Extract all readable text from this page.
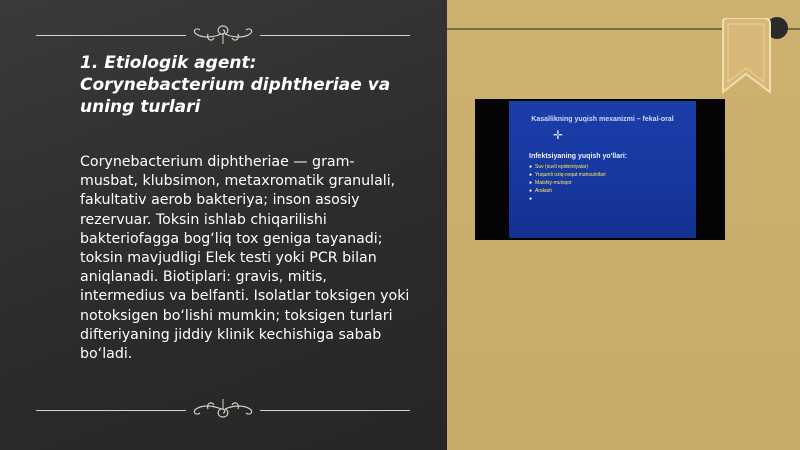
1. Etiologik agent: Corynebacterium diphtheriae va uning turlari
Corynebacterium diphtheriae — gram-musbat, klubsimon, metaxromatik granulali, fakultativ aerob bakteriya; inson asosiy rezervuar. Toksin ishlab chiqarilishi bakteriofagga bog‘liq tox geniga tayanadi; toksin mavjudligi Elek testi yoki PCR bilan aniqlanadi. Biotiplari: gravis, mitis, intermedius va belfanti. Isolatlar toksigen yoki notoksigen bo‘lishi mumkin; toksigen turlari difteriyaning jiddiy klinik kechishiga sabab bo‘ladi.
✛
Kasallikning yuqish mexanizmi – fekal-oral
Infektsiyaning yuqish yo'llari:
● Suv (suvli epidemiyalar)
● Yuqumli oziq-ovqat mahsulotlari
● Maishiy-muloqot
● Aralash
●
